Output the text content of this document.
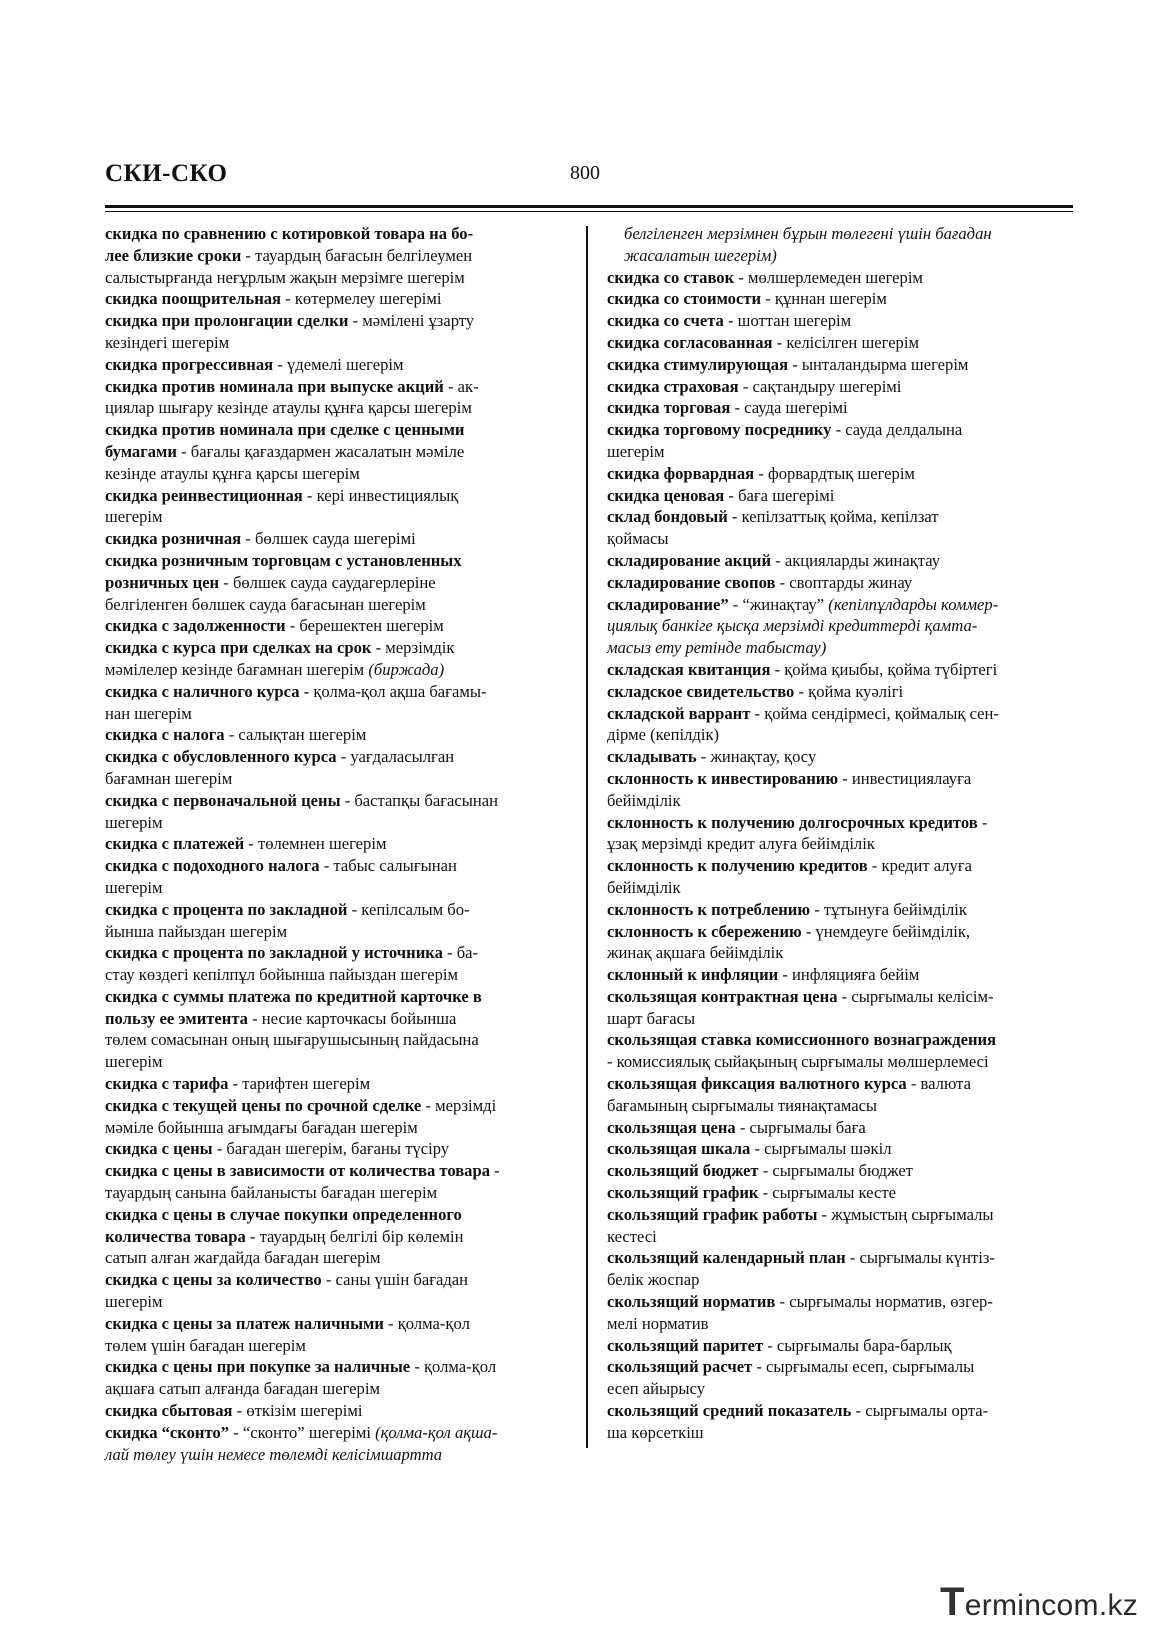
СКИ-СКО	800
скидка по сравнению с котировкой товара на бо-
лее близкие сроки - тауардың бағасын белгілеумен
салыстырғанда неғұрлым жақын мерзімге шегерім
скидка поощрительная - көтермелеу шегерімі
скидка при пролонгации сделки - мәмілені ұзарту
кезіндегі шегерім
скидка прогрессивная - үдемелі шегерім
скидка против номинала при выпуске акций - ак-
циялар шығару кезінде атаулы құнға қарсы шегерім
скидка против номинала при сделке с ценными
бумагами - бағалы қағаздармен жасалатын мәміле
кезінде атаулы құнға қарсы шегерім
скидка реинвестиционная - кері инвестициялық
шегерім
скидка розничная - бөлшек сауда шегерімі
скидка розничным торговцам с установленных
розничных цен - бөлшек сауда саудагерлеріне
белгіленген бөлшек сауда бағасынан шегерім
скидка с задолженности - берешектен шегерім
скидка с курса при сделках на срок - мерзімдік
мәмілелер кезінде бағамнан шегерім (биржада)
скидка с наличного курса - қолма-қол ақша бағамы-
нан шегерім
скидка с налога - салықтан шегерім
скидка с обусловленного курса - уағдаласылған
бағамнан шегерім
скидка с первоначальной цены - бастапқы бағасынан
шегерім
скидка с платежей - төлемнен шегерім
скидка с подоходного налога - табыс салығынан
шегерім
скидка с процента по закладной - кепілсалым бо-
йынша пайыздан шегерім
скидка с процента по закладной у источника - ба-
стау көздегі кепілпұл бойынша пайыздан шегерім
скидка с суммы платежа по кредитной карточке в
пользу ее эмитента - несие карточкасы бойынша
төлем сомасынан оның шығарушысының пайдасына
шегерім
скидка с тарифа - тарифтен шегерім
скидка с текущей цены по срочной сделке - мерзімді
мәміле бойынша ағымдағы бағадан шегерім
скидка с цены - бағадан шегерім, бағаны түсіру
скидка с цены в зависимости от количества товара -
тауардың санына байланысты бағадан шегерім
скидка с цены в случае покупки определенного
количества товара - тауардың белгілі бір көлемін
сатып алған жағдайда бағадан шегерім
скидка с цены за количество - саны үшін бағадан
шегерім
скидка с цены за платеж наличными - қолма-қол
төлем үшін бағадан шегерім
скидка с цены при покупке за наличные - қолма-қол
ақшаға сатып алғанда бағадан шегерім
скидка сбытовая - өткізім шегерімі
скидка “сконто” - “сконто” шегерімі (қолма-қол ақша-
лай төлеу үшін немесе төлемді келісімшартта
белгіленген мерзімнен бұрын төлегені үшін бағадан
жасалатын шегерім)
скидка со ставок - мөлшерлемеден шегерім
скидка со стоимости - құннан шегерім
скидка со счета - шоттан шегерім
скидка согласованная - келісілген шегерім
скидка стимулирующая - ынталандырма шегерім
скидка страховая - сақтандыру шегерімі
скидка торговая - сауда шегерімі
скидка торговому посреднику - сауда делдалына
шегерім
скидка форвардная - форвардтық шегерім
скидка ценовая - баға шегерімі
склад бондовый - кепілзаттық қойма, кепілзат
қоймасы
складирование акций - акцияларды жинақтау
складирование свопов - своптарды жинау
складирование” - “жинақтау” (кепілпұлдарды коммер-
циялық банкіге қысқа мерзімді кредиттерді қамта-
масыз ету ретінде табыстау)
складская квитанция - қойма қиыбы, қойма түбіртегі
складское свидетельство - қойма куәлігі
складской варрант - қойма сендірмесі, қоймалық сен-
дірме (кепілдік)
складывать - жинақтау, қосу
склонность к инвестированию - инвестициялауға
бейімділік
склонность к получению долгосрочных кредитов -
ұзақ мерзімді кредит алуға бейімділік
склонность к получению кредитов - кредит алуға
бейімділік
склонность к потреблению - тұтынуға бейімділік
склонность к сбережению - үнемдеуге бейімділік,
жинақ ақшаға бейімділік
склонный к инфляции - инфляцияға бейім
скользящая контрактная цена - сырғымалы келісім-
шарт бағасы
скользящая ставка комиссионного вознаграждения
- комиссиялық сыйақының сырғымалы мөлшерлемесі
скользящая фиксация валютного курса - валюта
бағамының сырғымалы тиянақтамасы
скользящая цена - сырғымалы баға
скользящая шкала - сырғымалы шәкіл
скользящий бюджет - сырғымалы бюджет
скользящий график - сырғымалы кесте
скользящий график работы - жұмыстың сырғымалы
кестесі
скользящий календарный план - сырғымалы күнтіз-
белік жоспар
скользящий норматив - сырғымалы норматив, өзгер-
мелі норматив
скользящий паритет - сырғымалы бара-барлық
скользящий расчет - сырғымалы есеп, сырғымалы
есеп айырысу
скользящий средний показатель - сырғымалы орта-
ша көрсеткіш
Termincom.kz
